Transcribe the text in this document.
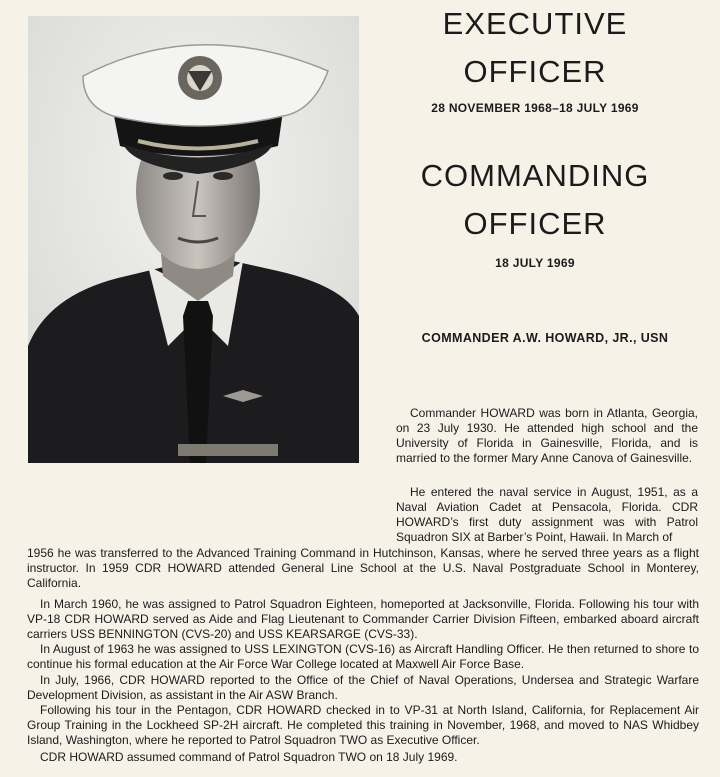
EXECUTIVE
OFFICER
28 NOVEMBER 1968–18 JULY 1969
COMMANDING
OFFICER
18 JULY 1969
COMMANDER A.W. HOWARD, JR., USN

Commander HOWARD was born in Atlanta, Georgia, on 23 July 1930. He attended high school and the University of Florida in Gainesville, Florida, and is married to the former Mary Anne Canova of Gainesville.

He entered the naval service in August, 1951, as a Naval Aviation Cadet at Pensacola, Florida. CDR HOWARD’s first duty assignment was with Patrol Squadron SIX at Barber’s Point, Hawaii. In March of

1956 he was transferred to the Advanced Training Command in Hutchinson, Kansas, where he served three years as a flight instructor. In 1959 CDR HOWARD attended General Line School at the U.S. Naval Postgraduate School in Monterey, California.

In March 1960, he was assigned to Patrol Squadron Eighteen, homeported at Jacksonville, Florida. Following his tour with VP-18 CDR HOWARD served as Aide and Flag Lieutenant to Commander Carrier Division Fifteen, embarked aboard aircraft carriers USS BENNINGTON (CVS-20) and USS KEARSARGE (CVS-33).

In August of 1963 he was assigned to USS LEXINGTON (CVS-16) as Aircraft Handling Officer. He then returned to shore to continue his formal education at the Air Force War College located at Maxwell Air Force Base.

In July, 1966, CDR HOWARD reported to the Office of the Chief of Naval Operations, Undersea and Strategic Warfare Development Division, as assistant in the Air ASW Branch.

Following his tour in the Pentagon, CDR HOWARD checked in to VP-31 at North Island, California, for Replacement Air Group Training in the Lockheed SP-2H aircraft. He completed this training in November, 1968, and moved to NAS Whidbey Island, Washington, where he reported to Patrol Squadron TWO as Executive Officer.

CDR HOWARD assumed command of Patrol Squadron TWO on 18 July 1969.
